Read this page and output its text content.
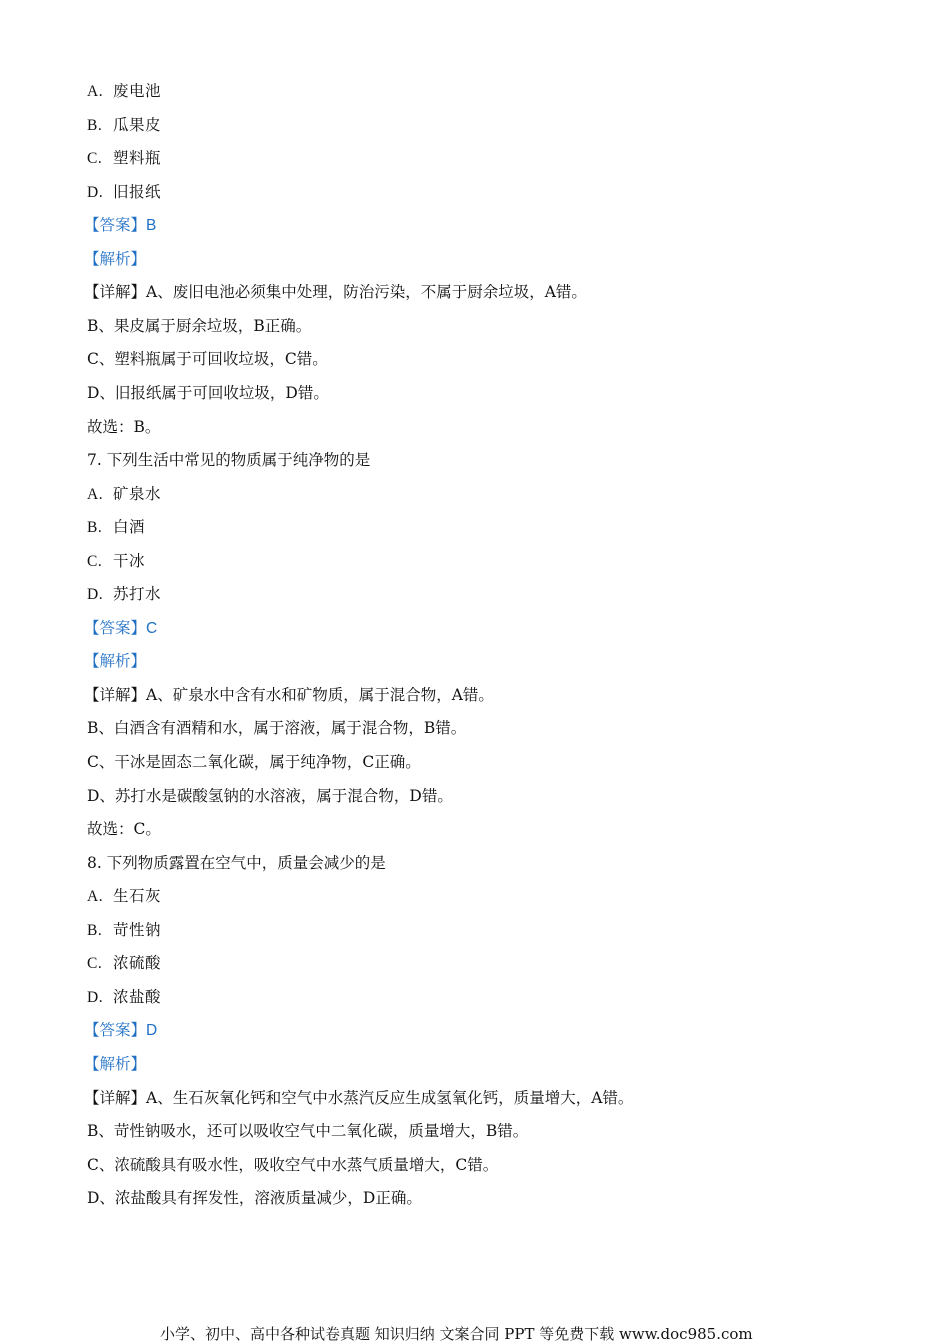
A. 废电池
B. 瓜果皮
C. 塑料瓶
D. 旧报纸
【答案】B
【解析】
【详解】A、废旧电池必须集中处理，防治污染，不属于厨余垃圾，A错。
B、果皮属于厨余垃圾，B正确。
C、塑料瓶属于可回收垃圾，C错。
D、旧报纸属于可回收垃圾，D错。
故选：B。
7. 下列生活中常见的物质属于纯净物的是
A. 矿泉水
B. 白酒
C. 干冰
D. 苏打水
【答案】C
【解析】
【详解】A、矿泉水中含有水和矿物质，属于混合物，A错。
B、白酒含有酒精和水，属于溶液，属于混合物，B错。
C、干冰是固态二氧化碳，属于纯净物，C正确。
D、苏打水是碳酸氢钠的水溶液，属于混合物，D错。
故选：C。
8. 下列物质露置在空气中，质量会减少的是
A. 生石灰
B. 苛性钠
C. 浓硫酸
D. 浓盐酸
【答案】D
【解析】
【详解】A、生石灰氧化钙和空气中水蒸汽反应生成氢氧化钙，质量增大，A错。
B、苛性钠吸水，还可以吸收空气中二氧化碳，质量增大，B错。
C、浓硫酸具有吸水性，吸收空气中水蒸气质量增大，C错。
D、浓盐酸具有挥发性，溶液质量减少，D正确。
小学、初中、高中各种试卷真题 知识归纳 文案合同 PPT 等免费下载 www.doc985.com
